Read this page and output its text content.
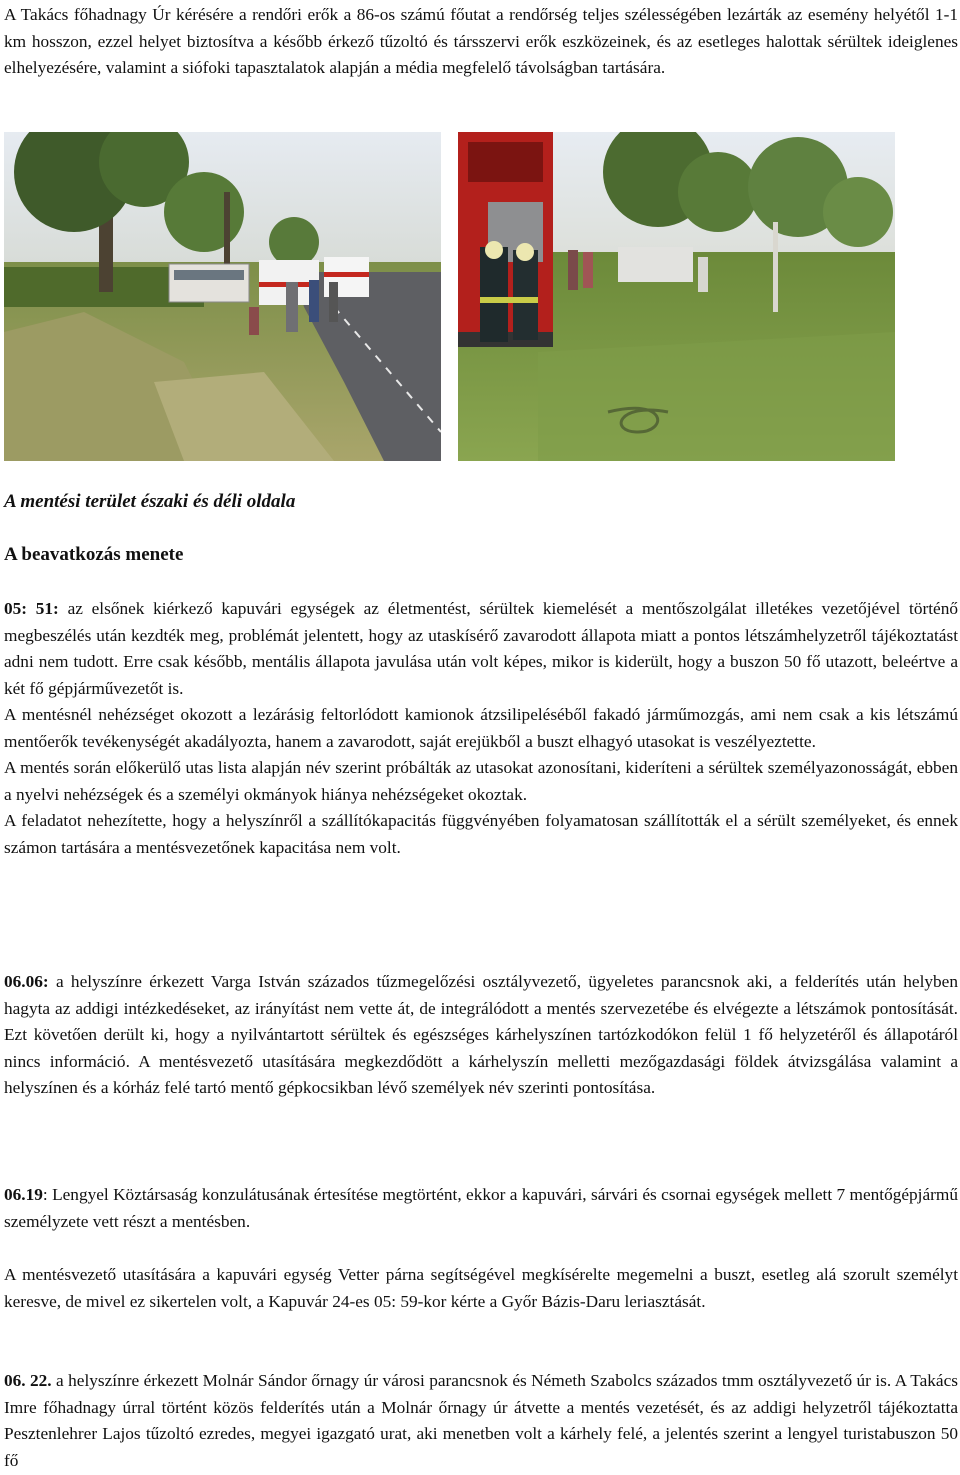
A Takács főhadnagy Úr kérésére a rendőri erők a 86-os számú főutat a rendőrség teljes szélességében lezárták az esemény helyétől 1-1 km hosszon, ezzel helyet biztosítva a később érkező tűzoltó és társszervi erők eszközeinek, és az esetleges halottak sérültek ideiglenes elhelyezésére, valamint a siófoki tapasztalatok alapján a média megfelelő távolságban tartására.

A mentési terület északi és déli oldala

A beavatkozás menete

05: 51: az elsőnek kiérkező kapuvári egységek az életmentést, sérültek kiemelését a mentőszolgálat illetékes vezetőjével történő megbeszélés után kezdték meg, problémát jelentett, hogy az utaskísérő zavarodott állapota miatt a pontos létszámhelyzetről tájékoztatást adni nem tudott. Erre csak később, mentális állapota javulása után volt képes, mikor is kiderült, hogy a buszon 50 fő utazott, beleértve a két fő gépjárművezetőt is.

A mentésnél nehézséget okozott a lezárásig feltorlódott kamionok átzsilipeléséből fakadó járműmozgás, ami nem csak a kis létszámú mentőerők tevékenységét akadályozta, hanem a zavarodott, saját erejükből a buszt elhagyó utasokat is veszélyeztette.

A mentés során előkerülő utas lista alapján név szerint próbálták az utasokat azonosítani, kideríteni a sérültek személyazonosságát, ebben a nyelvi nehézségek és a személyi okmányok hiánya nehézségeket okoztak.

A feladatot nehezítette, hogy a helyszínről a szállítókapacitás függvényében folyamatosan szállították el a sérült személyeket, és ennek számon tartására a mentésvezetőnek kapacitása nem volt.

06.06: a helyszínre érkezett Varga István százados tűzmegelőzési osztályvezető, ügyeletes parancsnok aki, a felderítés után helyben hagyta az addigi intézkedéseket, az irányítást nem vette át, de integrálódott a mentés szervezetébe és elvégezte a létszámok pontosítását. Ezt követően derült ki, hogy a nyilvántartott sérültek és egészséges kárhelyszínen tartózkodókon felül 1 fő helyzetéről és állapotáról nincs információ. A mentésvezető utasítására megkezdődött a kárhelyszín melletti mezőgazdasági földek átvizsgálása valamint a helyszínen és a kórház felé tartó mentő gépkocsikban lévő személyek név szerinti pontosítása.

06.19: Lengyel Köztársaság konzulátusának értesítése megtörtént, ekkor a kapuvári, sárvári és csornai egységek mellett 7 mentőgépjármű személyzete vett részt a mentésben.

A mentésvezető utasítására a kapuvári egység Vetter párna segítségével megkísérelte megemelni a buszt, esetleg alá szorult személyt keresve, de mivel ez sikertelen volt, a Kapuvár 24-es 05: 59-kor kérte a Győr Bázis-Daru leriasztását.

06. 22. a helyszínre érkezett Molnár Sándor őrnagy úr városi parancsnok és Németh Szabolcs százados tmm osztályvezető úr is. A Takács Imre főhadnagy úrral történt közös felderítés után a Molnár őrnagy úr átvette a mentés vezetését, és az addigi helyzetről tájékoztatta Pesztenlehrer Lajos tűzoltó ezredes, megyei igazgató urat, aki menetben volt a kárhely felé, a jelentés szerint a lengyel turistabuszon 50 fő
